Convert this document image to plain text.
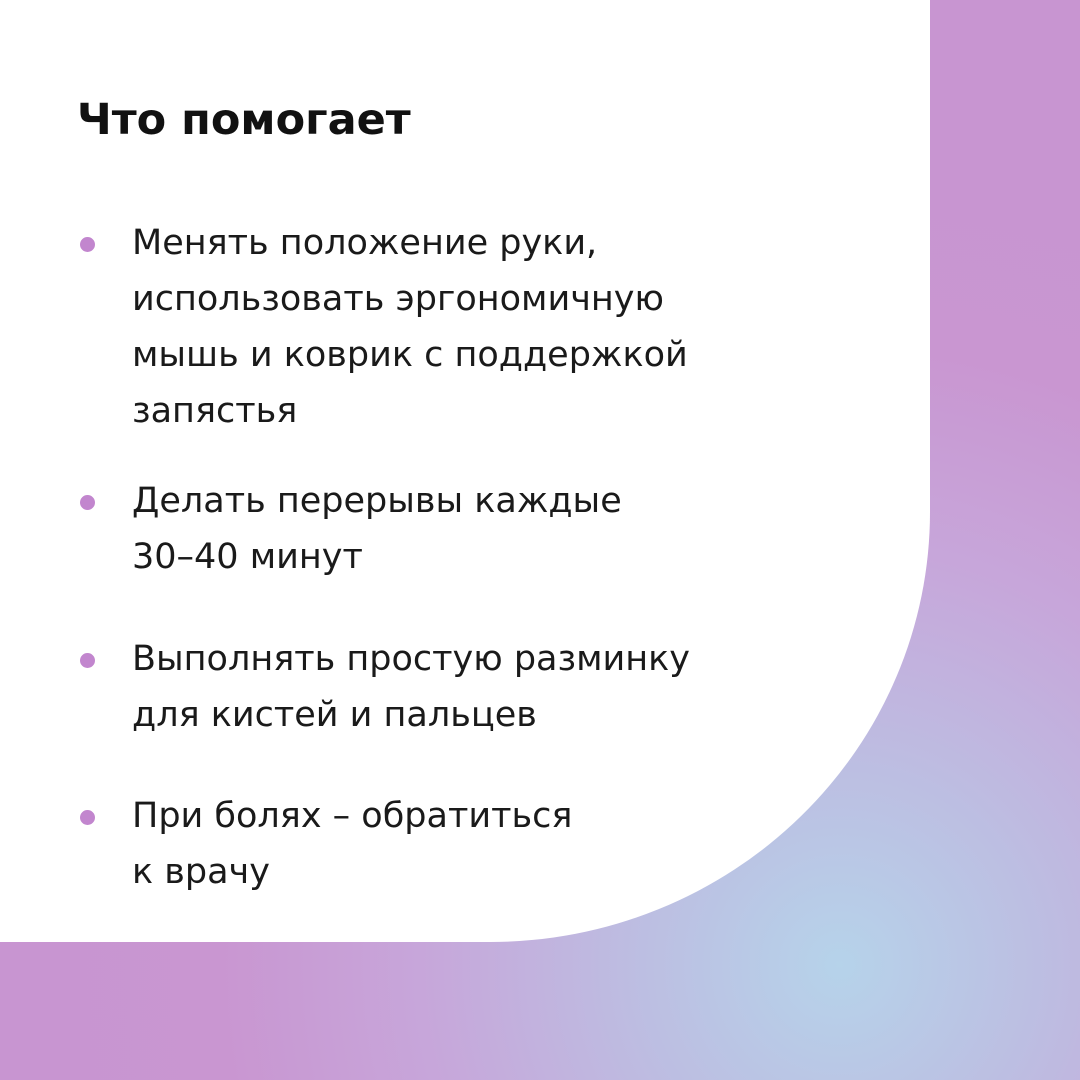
Что помогает
Менять положение руки,
использовать эргономичную
мышь и коврик с поддержкой
запястья
Делать перерывы каждые
30–40 минут
Выполнять простую разминку
для кистей и пальцев
При болях – обратиться
к врачу
